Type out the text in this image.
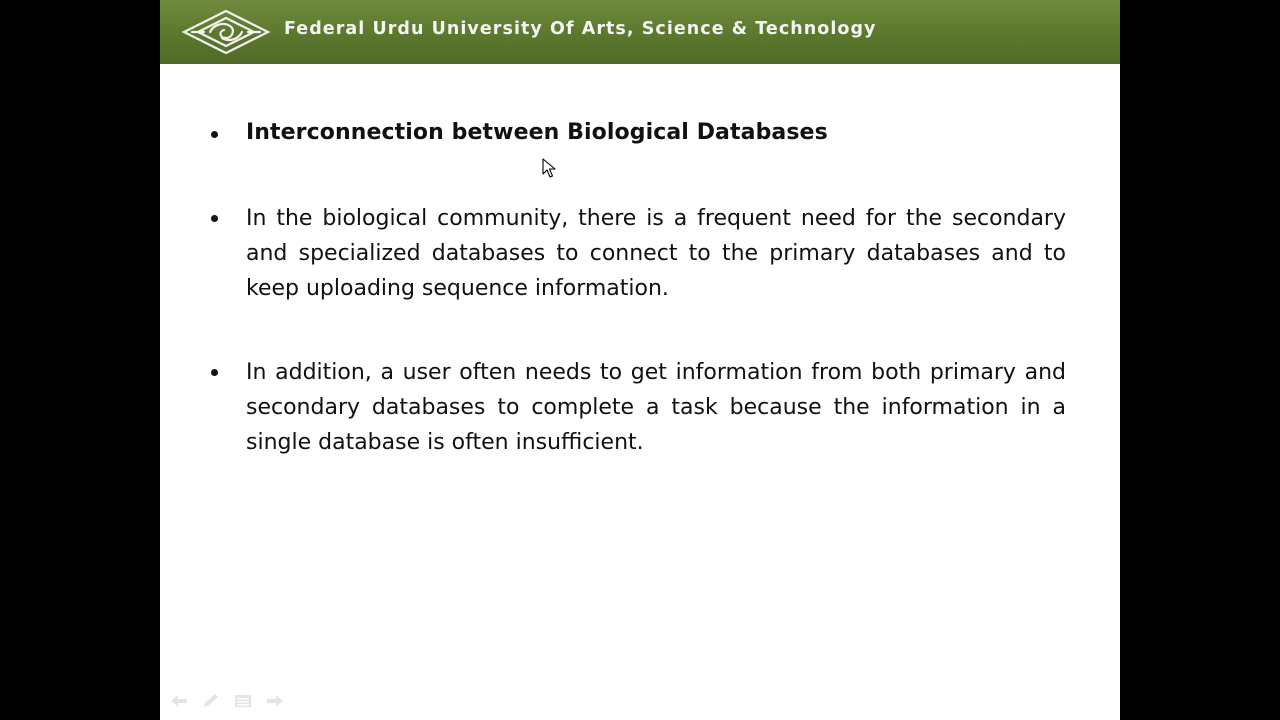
Federal Urdu University Of Arts, Science & Technology
Interconnection between Biological Databases
In the biological community, there is a frequent need for the secondary and specialized databases to connect to the primary databases and to keep uploading sequence information.
In addition, a user often needs to get information from both primary and secondary databases to complete a task because the information in a single database is often insufficient.
